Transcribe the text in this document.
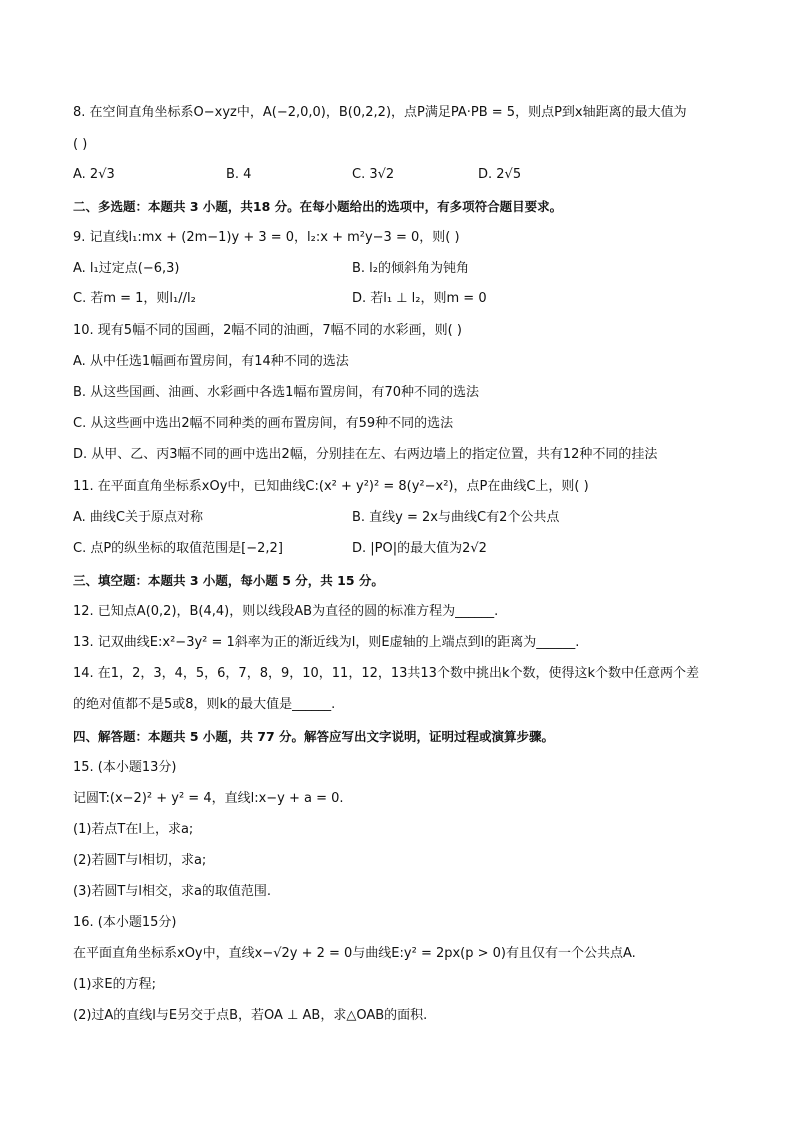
8. 在空间直角坐标系O−xyz中，A(−2,0,0)，B(0,2,2)，点P满足PA·PB = 5，则点P到x轴距离的最大值为
( )
A. 2√3	B. 4	C. 3√2	D. 2√5
二、多选题：本题共 3 小题，共18 分。在每小题给出的选项中，有多项符合题目要求。
9. 记直线l₁:mx + (2m−1)y + 3 = 0，l₂:x + m²y−3 = 0，则( )
A. l₁过定点(−6,3)	B. l₂的倾斜角为钝角
C. 若m = 1，则l₁//l₂	D. 若l₁ ⊥ l₂，则m = 0
10. 现有5幅不同的国画，2幅不同的油画，7幅不同的水彩画，则( )
A. 从中任选1幅画布置房间，有14种不同的选法
B. 从这些国画、油画、水彩画中各选1幅布置房间，有70种不同的选法
C. 从这些画中选出2幅不同种类的画布置房间，有59种不同的选法
D. 从甲、乙、丙3幅不同的画中选出2幅，分别挂在左、右两边墙上的指定位置，共有12种不同的挂法
11. 在平面直角坐标系xOy中，已知曲线C:(x² + y²)² = 8(y²−x²)，点P在曲线C上，则( )
A. 曲线C关于原点对称	B. 直线y = 2x与曲线C有2个公共点
C. 点P的纵坐标的取值范围是[−2,2]	D. |PO|的最大值为2√2
三、填空题：本题共 3 小题，每小题 5 分，共 15 分。
12. 已知点A(0,2)，B(4,4)，则以线段AB为直径的圆的标准方程为______.
13. 记双曲线E:x²−3y² = 1斜率为正的渐近线为l，则E虚轴的上端点到l的距离为______.
14. 在1，2，3，4，5，6，7，8，9，10，11，12，13共13个数中挑出k个数，使得这k个数中任意两个差
的绝对值都不是5或8，则k的最大值是______.
四、解答题：本题共 5 小题，共 77 分。解答应写出文字说明，证明过程或演算步骤。
15. (本小题13分)
记圆T:(x−2)² + y² = 4，直线l:x−y + a = 0.
(1)若点T在l上，求a;
(2)若圆T与l相切，求a;
(3)若圆T与l相交，求a的取值范围.
16. (本小题15分)
在平面直角坐标系xOy中，直线x−√2y + 2 = 0与曲线E:y² = 2px(p > 0)有且仅有一个公共点A.
(1)求E的方程;
(2)过A的直线l与E另交于点B，若OA ⊥ AB，求△OAB的面积.
